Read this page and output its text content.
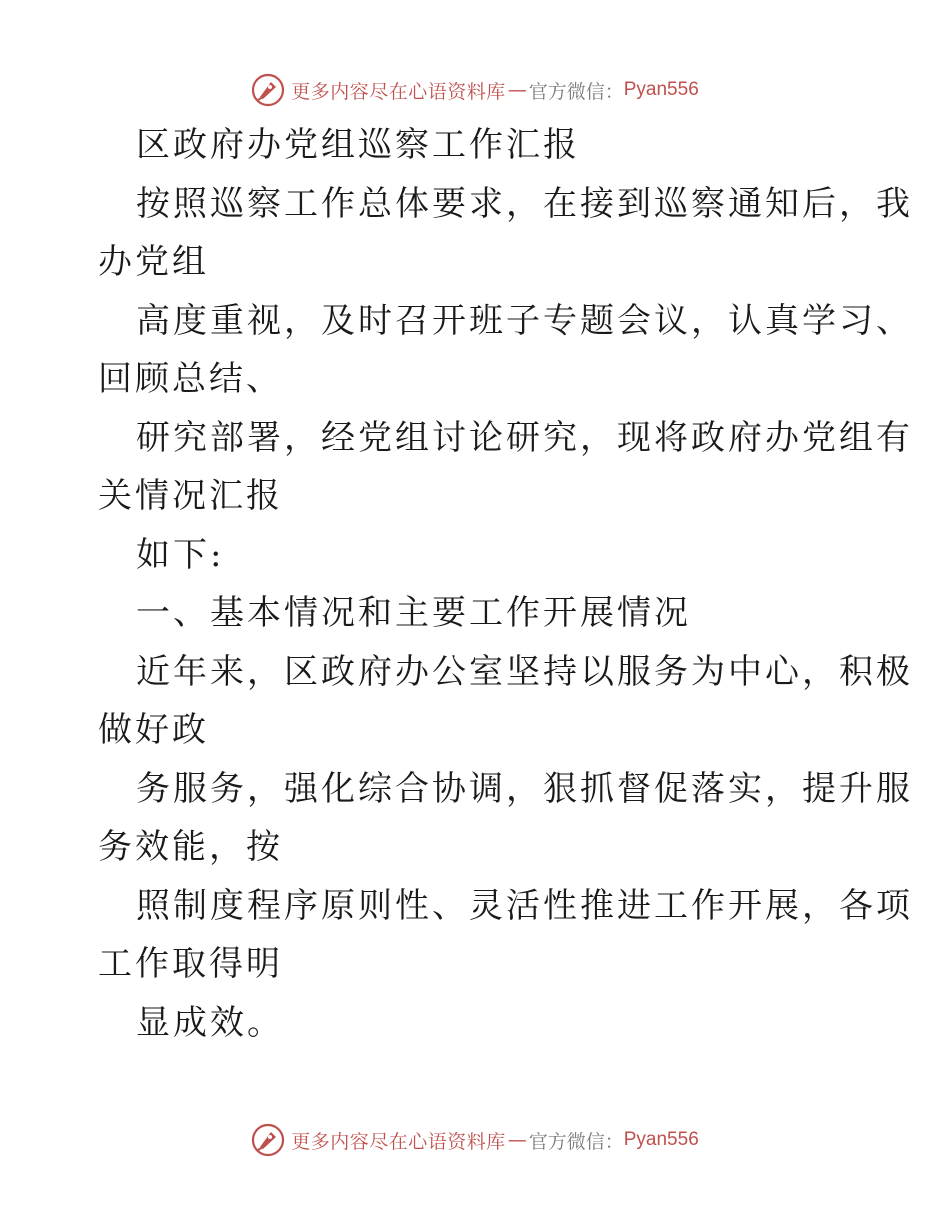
更多内容尽在心语资料库 — 官方微信： Pyan556
区政府办党组巡察工作汇报
按照巡察工作总体要求，在接到巡察通知后，我
办党组
高度重视，及时召开班子专题会议，认真学习、
回顾总结、
研究部署，经党组讨论研究，现将政府办党组有
关情况汇报
如下:
一、基本情况和主要工作开展情况
近年来，区政府办公室坚持以服务为中心，积极
做好政
务服务，强化综合协调，狠抓督促落实，提升服
务效能，按
照制度程序原则性、灵活性推进工作开展，各项
工作取得明
显成效。
更多内容尽在心语资料库 — 官方微信： Pyan556
